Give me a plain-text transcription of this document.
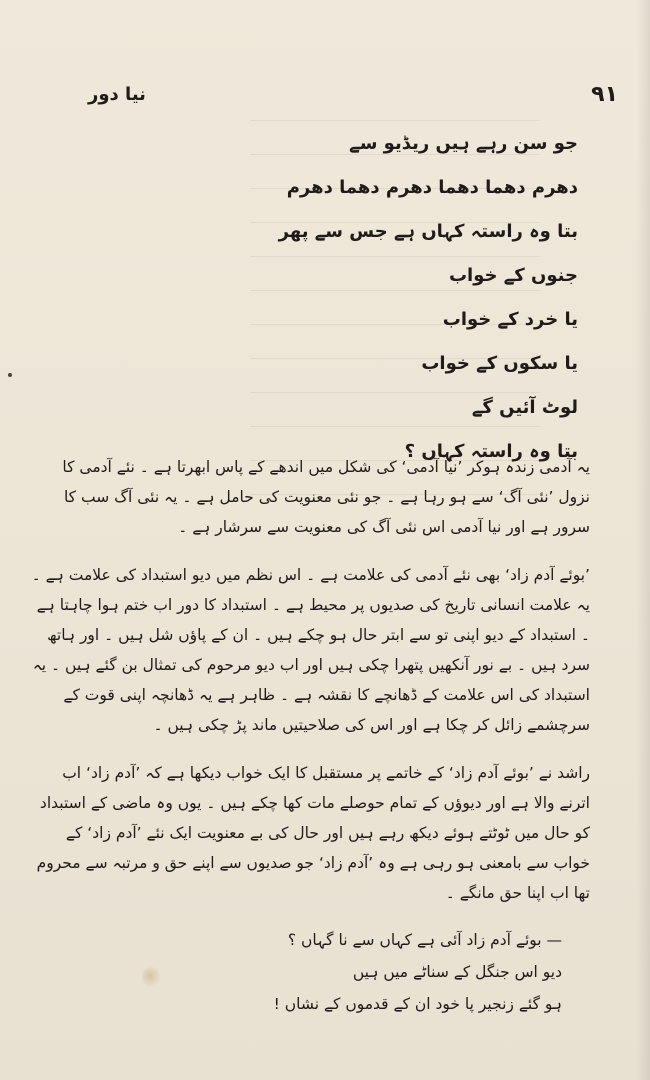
نیا دور	۹۱
جو سن رہے ہیں ریڈیو سے
دھرم دھما دھما دھرم دھما دھرم
بتا وہ راستہ کہاں ہے جس سے پھر
جنوں کے خواب
یا خرد کے خواب
یا سکوں کے خواب
لوٹ آئیں گے
بتا وہ راستہ کہاں ؟

یہ آدمی زندہ ہوکر ’نیا آدمی‘ کی شکل میں اندھے کے پاس ابھرتا ہے ۔ نئے آدمی کا نزول ’نئی آگ‘ سے ہو رہا ہے ۔ جو نئی معنویت کی حامل ہے ۔ یہ نئی آگ سب کا سرور ہے اور نیا آدمی اس نئی آگ کی معنویت سے سرشار ہے ۔

’بوئے آدم زاد‘ بھی نئے آدمی کی علامت ہے ۔ اس نظم میں دیو استبداد کی علامت ہے ۔ یہ علامت انسانی تاریخ کی صدیوں پر محیط ہے ۔ استبداد کا دور اب ختم ہوا چاہتا ہے ۔ استبداد کے دیو اپنی تو سے ابتر حال ہو چکے ہیں ۔ ان کے پاؤں شل ہیں ۔ اور ہاتھ سرد ہیں ۔ بے نور آنکھیں پتھرا چکی ہیں اور اب دیو مرحوم کی تمثال بن گئے ہیں ۔ یہ استبداد کی اس علامت کے ڈھانچے کا نقشہ ہے ۔ ظاہر ہے یہ ڈھانچہ اپنی قوت کے سرچشمے زائل کر چکا ہے اور اس کی صلاحیتیں ماند پڑ چکی ہیں ۔

راشد نے ’بوئے آدم زاد‘ کے خاتمے پر مستقبل کا ایک خواب دیکھا ہے کہ ’آدم زاد‘ اب اترنے والا ہے اور دیوؤں کے تمام حوصلے مات کھا چکے ہیں ۔ یوں وہ ماضی کے استبداد کو حال میں ٹوٹتے ہوئے دیکھ رہے ہیں اور حال کی بے معنویت ایک نئے ’آدم زاد‘ کے خواب سے بامعنی ہو رہی ہے وہ ’آدم زاد‘ جو صدیوں سے اپنے حق و مرتبہ سے محروم تھا اب اپنا حق مانگے ۔

— بوئے آدم زاد آئی ہے کہاں سے نا گہاں ؟
دیو اس جنگل کے سناٹے میں ہیں
ہو گئے زنجیر پا خود ان کے قدموں کے نشاں !
